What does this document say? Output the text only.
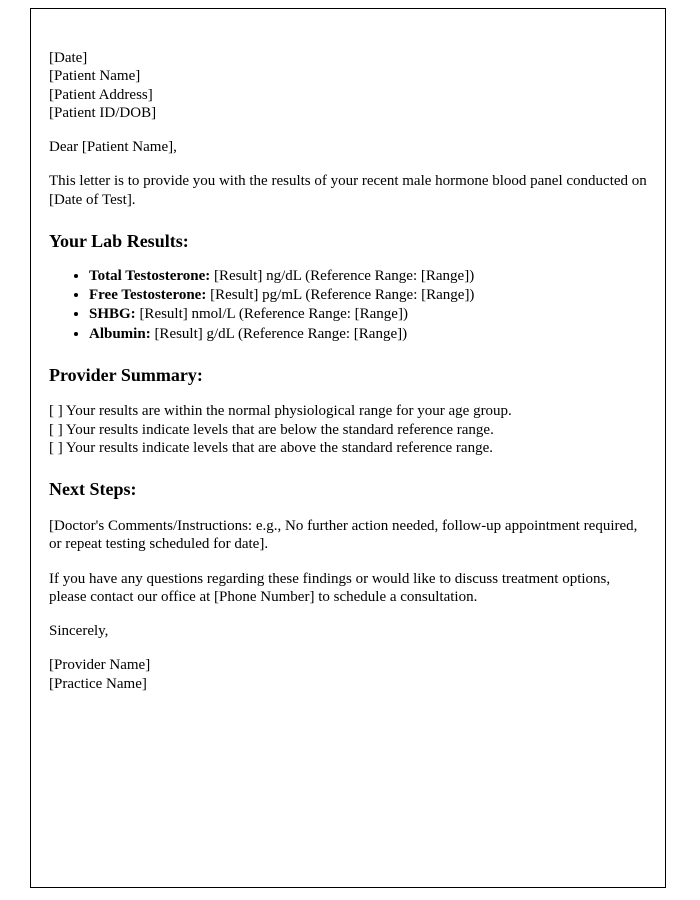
[Date]
[Patient Name]
[Patient Address]
[Patient ID/DOB]

Dear [Patient Name],

This letter is to provide you with the results of your recent male hormone blood panel conducted on [Date of Test].

Your Lab Results:
• Total Testosterone: [Result] ng/dL (Reference Range: [Range])
• Free Testosterone: [Result] pg/mL (Reference Range: [Range])
• SHBG: [Result] nmol/L (Reference Range: [Range])
• Albumin: [Result] g/dL (Reference Range: [Range])
Provider Summary:
[ ] Your results are within the normal physiological range for your age group.
[ ] Your results indicate levels that are below the standard reference range.
[ ] Your results indicate levels that are above the standard reference range.
Next Steps:

[Doctor's Comments/Instructions: e.g., No further action needed, follow-up appointment required, or repeat testing scheduled for date].

If you have any questions regarding these findings or would like to discuss treatment options, please contact our office at [Phone Number] to schedule a consultation.

Sincerely,

[Provider Name]
[Practice Name]
